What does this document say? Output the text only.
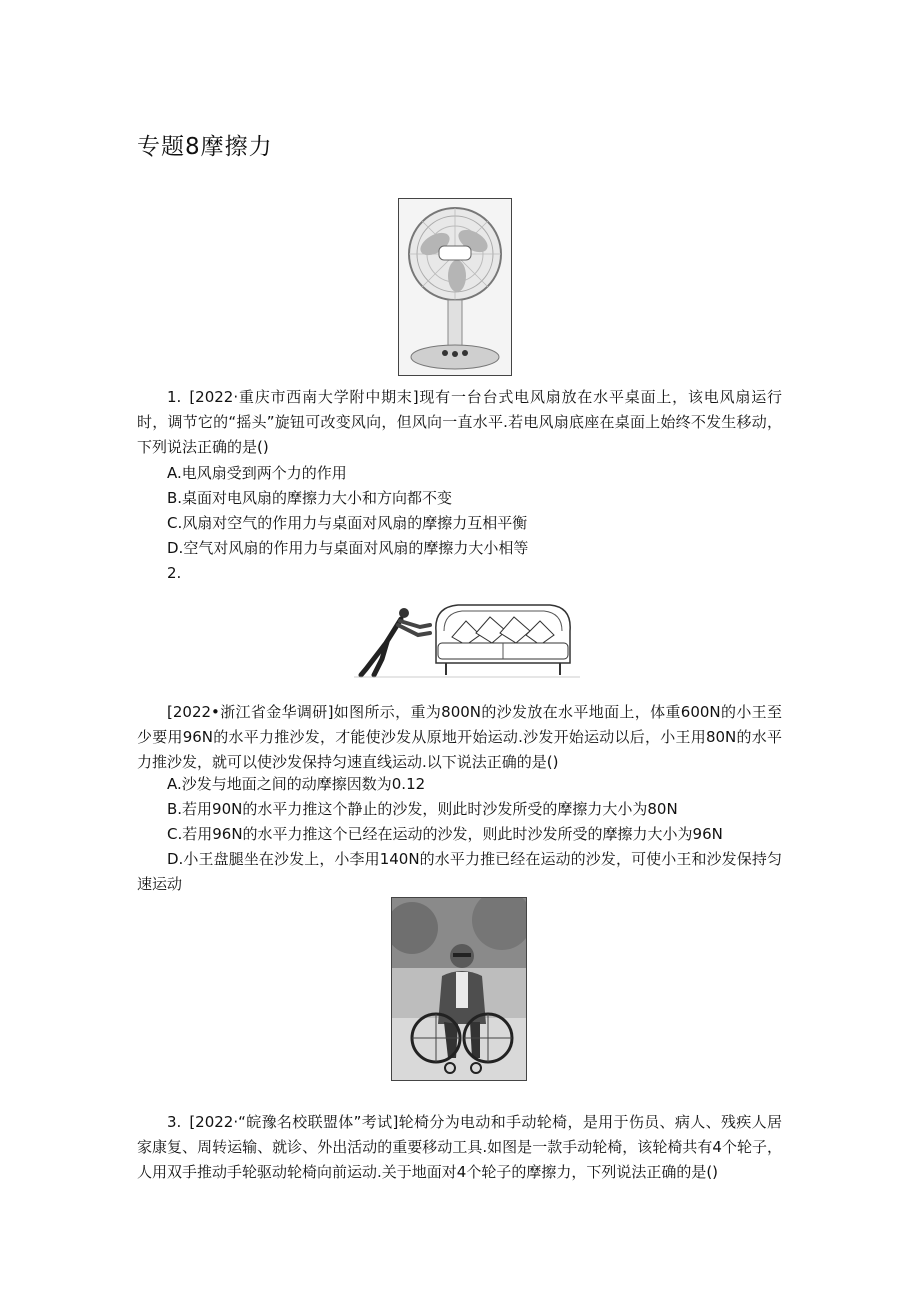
专题8摩擦力
1. [2022·重庆市西南大学附中期末]现有一台台式电风扇放在水平桌面上，该电风扇运行时，调节它的“摇头”旋钮可改变风向，但风向一直水平.若电风扇底座在桌面上始终不发生移动，下列说法正确的是()
A.电风扇受到两个力的作用
B.桌面对电风扇的摩擦力大小和方向都不变
C.风扇对空气的作用力与桌面对风扇的摩擦力互相平衡
D.空气对风扇的作用力与桌面对风扇的摩擦力大小相等
2.
[2022•浙江省金华调研]如图所示，重为800N的沙发放在水平地面上，体重600N的小王至少要用96N的水平力推沙发，才能使沙发从原地开始运动.沙发开始运动以后，小王用80N的水平力推沙发，就可以使沙发保持匀速直线运动.以下说法正确的是()
A.沙发与地面之间的动摩擦因数为0.12
B.若用90N的水平力推这个静止的沙发，则此时沙发所受的摩擦力大小为80N
C.若用96N的水平力推这个已经在运动的沙发，则此时沙发所受的摩擦力大小为96N
D.小王盘腿坐在沙发上，小李用140N的水平力推已经在运动的沙发，可使小王和沙发保持匀速运动
3. [2022·“皖豫名校联盟体”考试]轮椅分为电动和手动轮椅，是用于伤员、病人、残疾人居家康复、周转运输、就诊、外出活动的重要移动工具.如图是一款手动轮椅，该轮椅共有4个轮子，人用双手推动手轮驱动轮椅向前运动.关于地面对4个轮子的摩擦力，下列说法正确的是()
